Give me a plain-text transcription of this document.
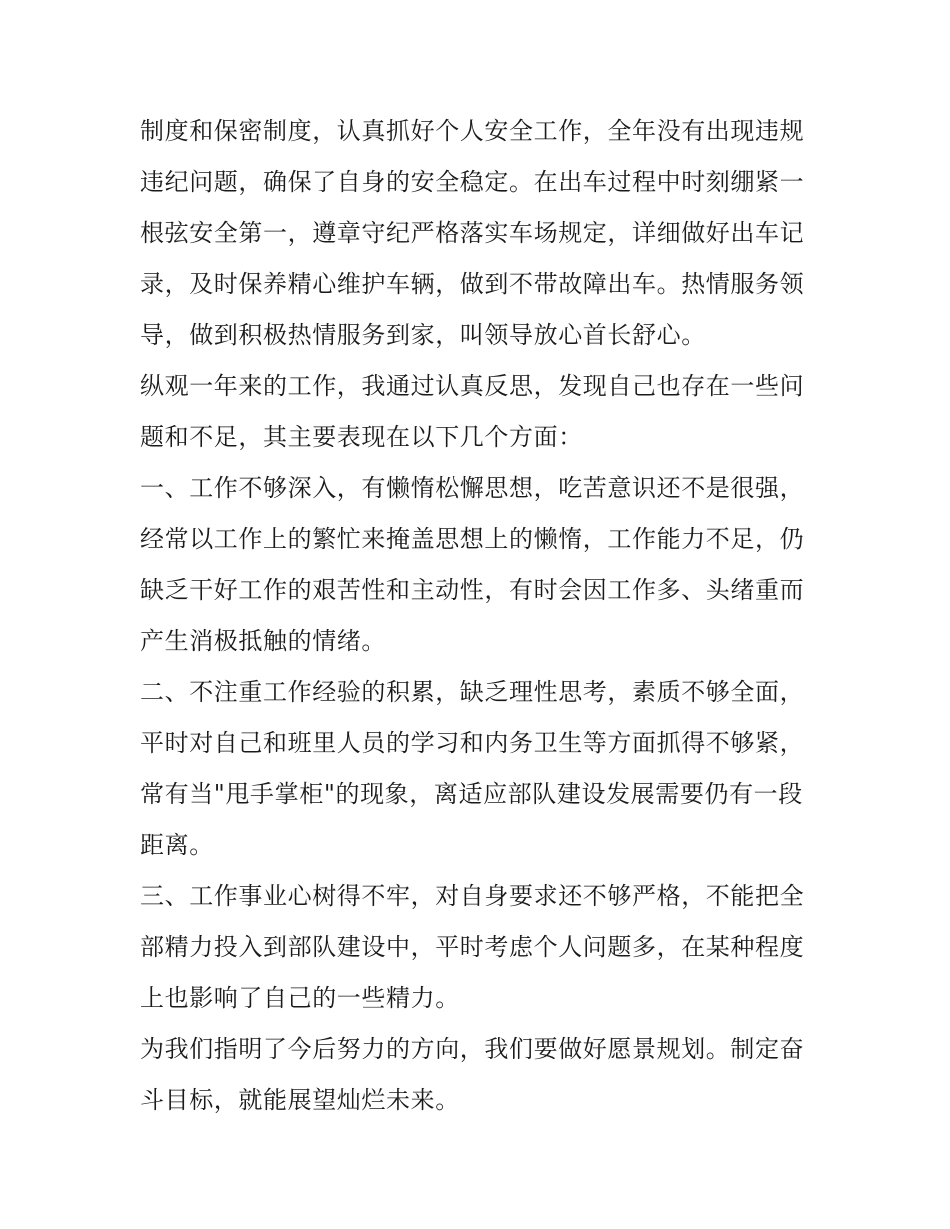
制度和保密制度，认真抓好个人安全工作，全年没有出现违规
违纪问题，确保了自身的安全稳定。在出车过程中时刻绷紧一
根弦安全第一，遵章守纪严格落实车场规定，详细做好出车记
录，及时保养精心维护车辆，做到不带故障出车。热情服务领
导，做到积极热情服务到家，叫领导放心首长舒心。
纵观一年来的工作，我通过认真反思，发现自己也存在一些问
题和不足，其主要表现在以下几个方面：
一、工作不够深入，有懒惰松懈思想，吃苦意识还不是很强，
经常以工作上的繁忙来掩盖思想上的懒惰，工作能力不足，仍
缺乏干好工作的艰苦性和主动性，有时会因工作多、头绪重而
产生消极抵触的情绪。
二、不注重工作经验的积累，缺乏理性思考，素质不够全面，
平时对自己和班里人员的学习和内务卫生等方面抓得不够紧，
常有当"甩手掌柜"的现象，离适应部队建设发展需要仍有一段
距离。
三、工作事业心树得不牢，对自身要求还不够严格，不能把全
部精力投入到部队建设中，平时考虑个人问题多，在某种程度
上也影响了自己的一些精力。
为我们指明了今后努力的方向，我们要做好愿景规划。制定奋
斗目标，就能展望灿烂未来。
